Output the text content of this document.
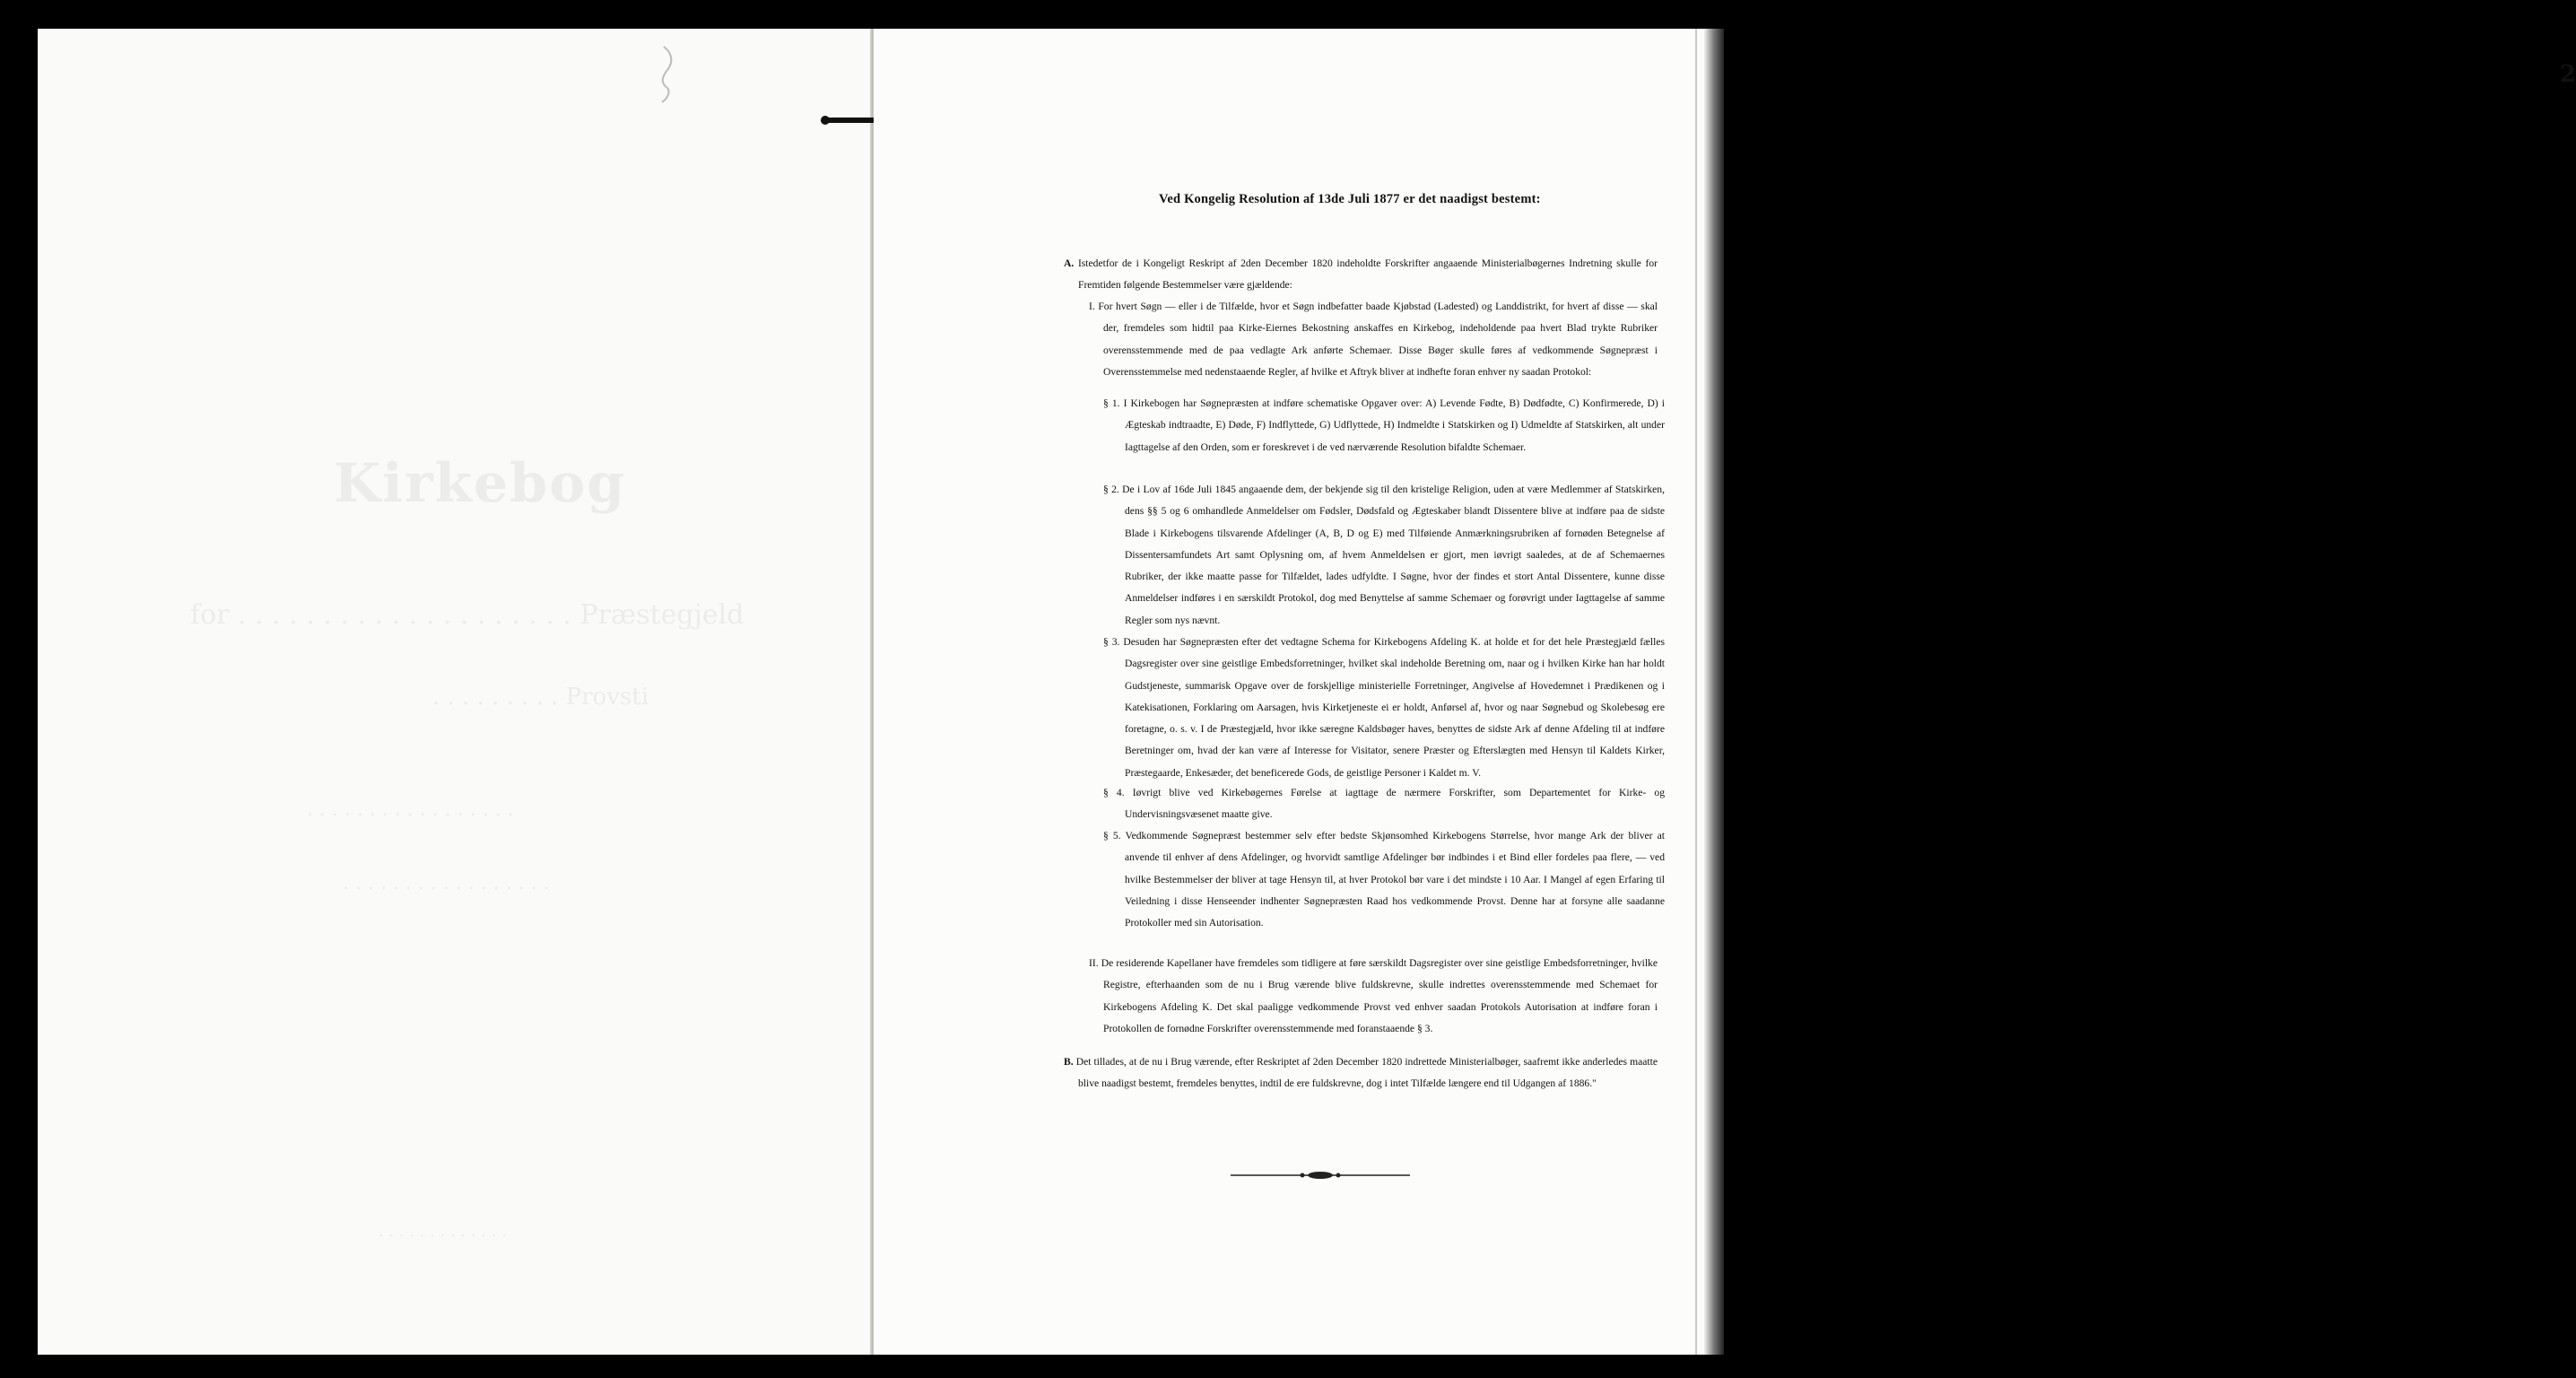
Kirkebog
for . . . . . . . . . . . . . . . . . . . . Præstegjeld
. . . . . . . . . Provsti
. . . . . . . . . . . . . . . . .
. . . . . . . . . . . . . . . . .
. . . . . . . . . . . . .
2
Ved Kongelig Resolution af 13de Juli 1877 er det naadigst bestemt:
A. Istedetfor de i Kongeligt Reskript af 2den December 1820 indeholdte Forskrifter angaaende Ministerialbøgernes Indretning skulle for Fremtiden følgende Bestemmelser være gjældende:
I. For hvert Søgn — eller i de Tilfælde, hvor et Søgn indbefatter baade Kjøbstad (Ladested) og Landdistrikt, for hvert af disse — skal der, fremdeles som hidtil paa Kirke-Eiernes Bekostning anskaffes en Kirkebog, indeholdende paa hvert Blad trykte Rubriker overensstemmende med de paa vedlagte Ark anførte Schemaer. Disse Bøger skulle føres af vedkommende Søgnepræst i Overensstemmelse med nedenstaaende Regler, af hvilke et Aftryk bliver at indhefte foran enhver ny saadan Protokol:
§ 1. I Kirkebogen har Søgnepræsten at indføre schematiske Opgaver over: A) Levende Fødte, B) Dødfødte, C) Konfirmerede, D) i Ægteskab indtraadte, E) Døde, F) Indflyttede, G) Udflyttede, H) Indmeldte i Statskirken og I) Udmeldte af Statskirken, alt under Iagttagelse af den Orden, som er foreskrevet i de ved nærværende Resolution bifaldte Schemaer.
§ 2. De i Lov af 16de Juli 1845 angaaende dem, der bekjende sig til den kristelige Religion, uden at være Medlemmer af Statskirken, dens §§ 5 og 6 omhandlede Anmeldelser om Fødsler, Dødsfald og Ægteskaber blandt Dissentere blive at indføre paa de sidste Blade i Kirkebogens tilsvarende Afdelinger (A, B, D og E) med Tilføiende Anmærkningsrubriken af fornøden Betegnelse af Dissentersamfundets Art samt Oplysning om, af hvem Anmeldelsen er gjort, men iøvrigt saaledes, at de af Schemaernes Rubriker, der ikke maatte passe for Tilfældet, lades udfyldte. I Søgne, hvor der findes et stort Antal Dissentere, kunne disse Anmeldelser indføres i en særskildt Protokol, dog med Benyttelse af samme Schemaer og forøvrigt under Iagttagelse af samme Regler som nys nævnt.
§ 3. Desuden har Søgnepræsten efter det vedtagne Schema for Kirkebogens Afdeling K. at holde et for det hele Præstegjæld fælles Dagsregister over sine geistlige Embedsforretninger, hvilket skal indeholde Beretning om, naar og i hvilken Kirke han har holdt Gudstjeneste, summarisk Opgave over de forskjellige ministerielle Forretninger, Angivelse af Hovedemnet i Prædikenen og i Katekisationen, Forklaring om Aarsagen, hvis Kirketjeneste ei er holdt, Anførsel af, hvor og naar Søgnebud og Skolebesøg ere foretagne, o. s. v. I de Præstegjæld, hvor ikke særegne Kaldsbøger haves, benyttes de sidste Ark af denne Afdeling til at indføre Beretninger om, hvad der kan være af Interesse for Visitator, senere Præster og Efterslægten med Hensyn til Kaldets Kirker, Præstegaarde, Enkesæder, det beneficerede Gods, de geistlige Personer i Kaldet m. V.
§ 4. Iøvrigt blive ved Kirkebøgernes Førelse at iagttage de nærmere Forskrifter, som Departementet for Kirke- og Undervisningsvæsenet maatte give.
§ 5. Vedkommende Søgnepræst bestemmer selv efter bedste Skjønsomhed Kirkebogens Størrelse, hvor mange Ark der bliver at anvende til enhver af dens Afdelinger, og hvorvidt samtlige Afdelinger bør indbindes i et Bind eller fordeles paa flere, — ved hvilke Bestemmelser der bliver at tage Hensyn til, at hver Protokol bør vare i det mindste i 10 Aar. I Mangel af egen Erfaring til Veiledning i disse Henseender indhenter Søgnepræsten Raad hos vedkommende Provst. Denne har at forsyne alle saadanne Protokoller med sin Autorisation.
II. De residerende Kapellaner have fremdeles som tidligere at føre særskildt Dagsregister over sine geistlige Embedsforretninger, hvilke Registre, efterhaanden som de nu i Brug værende blive fuldskrevne, skulle indrettes overensstemmende med Schemaet for Kirkebogens Afdeling K. Det skal paaligge vedkommende Provst ved enhver saadan Protokols Autorisation at indføre foran i Protokollen de fornødne Forskrifter overensstemmende med foranstaaende § 3.
B. Det tillades, at de nu i Brug værende, efter Reskriptet af 2den December 1820 indrettede Ministerialbøger, saafremt ikke anderledes maatte blive naadigst bestemt, fremdeles benyttes, indtil de ere fuldskrevne, dog i intet Tilfælde længere end til Udgangen af 1886."
